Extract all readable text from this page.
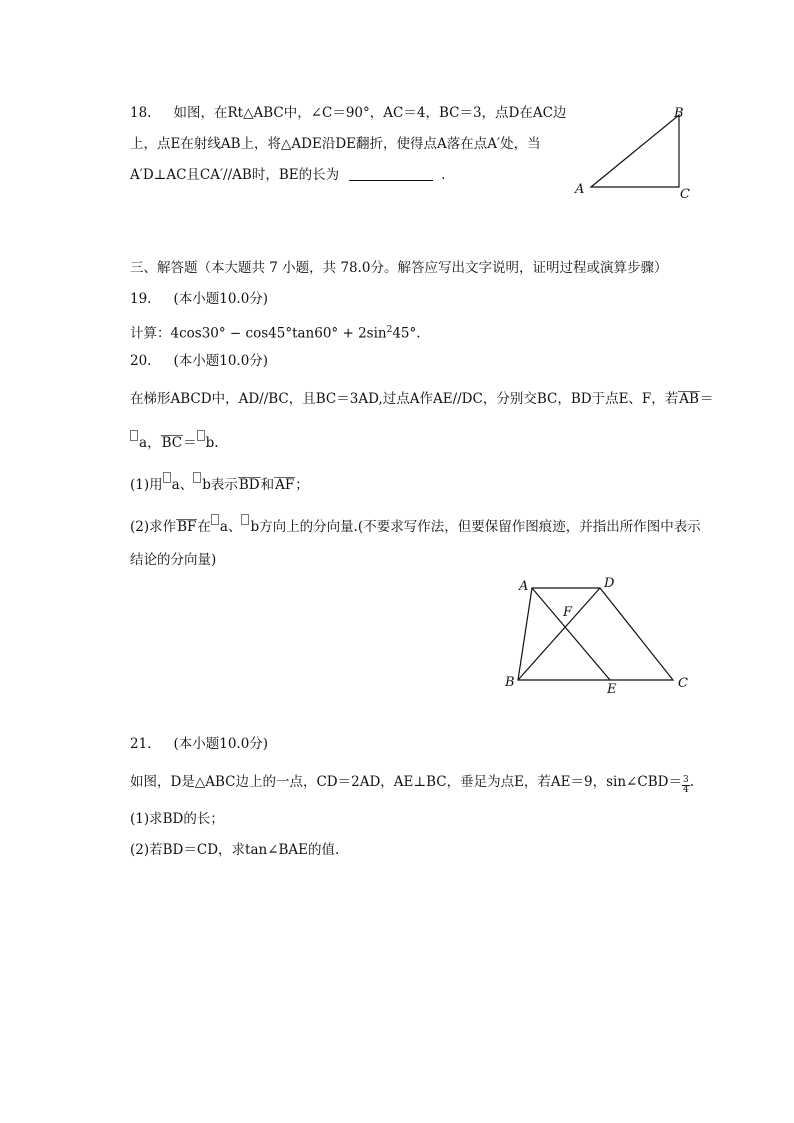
18. 如图，在Rt△ABC中，∠C＝90°，AC＝4，BC＝3，点D在AC边
上，点E在射线AB上，将△ADE沿DE翻折，使得点A落在点A′处，当
A′D⊥AC且CA′//AB时，BE的长为	.
A
B
C
三、解答题（本大题共 7 小题，共 78.0分。解答应写出文字说明，证明过程或演算步骤）
19. (本小题10.0分)
计算：$4\cos 30^\circ - \cos 45^\circ\tan 60^\circ + 2\sin^245^\circ$.
20. (本小题10.0分)
在梯形ABCD中，AD//BC，且BC＝3AD,过点A作AE//DC，分别交BC，BD于点E、F，若AB＝
a，BC＝ b.
(1)用 a、 b表示BD和AF；
(2)求作BF在 a、 b方向上的分向量.(不要求写作法，但要保留作图痕迹，并指出所作图中表示
结论的分向量)
A	D
F
B	E	C
21. (本小题10.0分)
如图，D是△ABC边上的一点，CD＝2AD，AE⊥BC，垂足为点E，若AE＝9，sin∠CBD＝ $\frac{3}{4}$ .
(1)求BD的长；
(2)若BD＝CD，求tan∠BAE的值.
